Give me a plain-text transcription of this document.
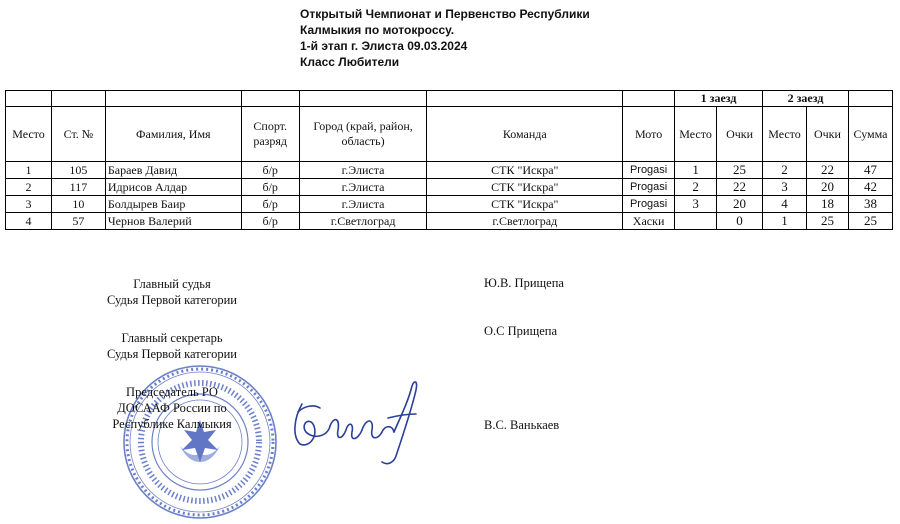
Открытый Чемпионат и Первенство Республики
Калмыкия по мотокроссу.
1-й этап г. Элиста 09.03.2024
Класс Любители
							1 заезд		2 заезд		
Место	Ст. №	Фамилия, Имя	Спорт. разряд	Город (край, район, область)	Команда	Мото	Место	Очки	Место	Очки	Сумма
1	105	Бараев Давид	б/р	г.Элиста	СТК "Искра"	Progasi	1	25	2	22	47
2	117	Идрисов Алдар	б/р	г.Элиста	СТК "Искра"	Progasi	2	22	3	20	42
3	10	Болдырев Баир	б/р	г.Элиста	СТК "Искра"	Progasi	3	20	4	18	38
4	57	Чернов Валерий	б/р	г.Светлоград	г.Светлоград	Хаски		0	1	25	25
Главный судья
Судья Первой категории
Ю.В. Прищепа
Главный секретарь
Судья Первой категории
О.С Прищепа
Председатель РО
ДОСААФ России по
Республике Калмыкия	В.С. Ванькаев
